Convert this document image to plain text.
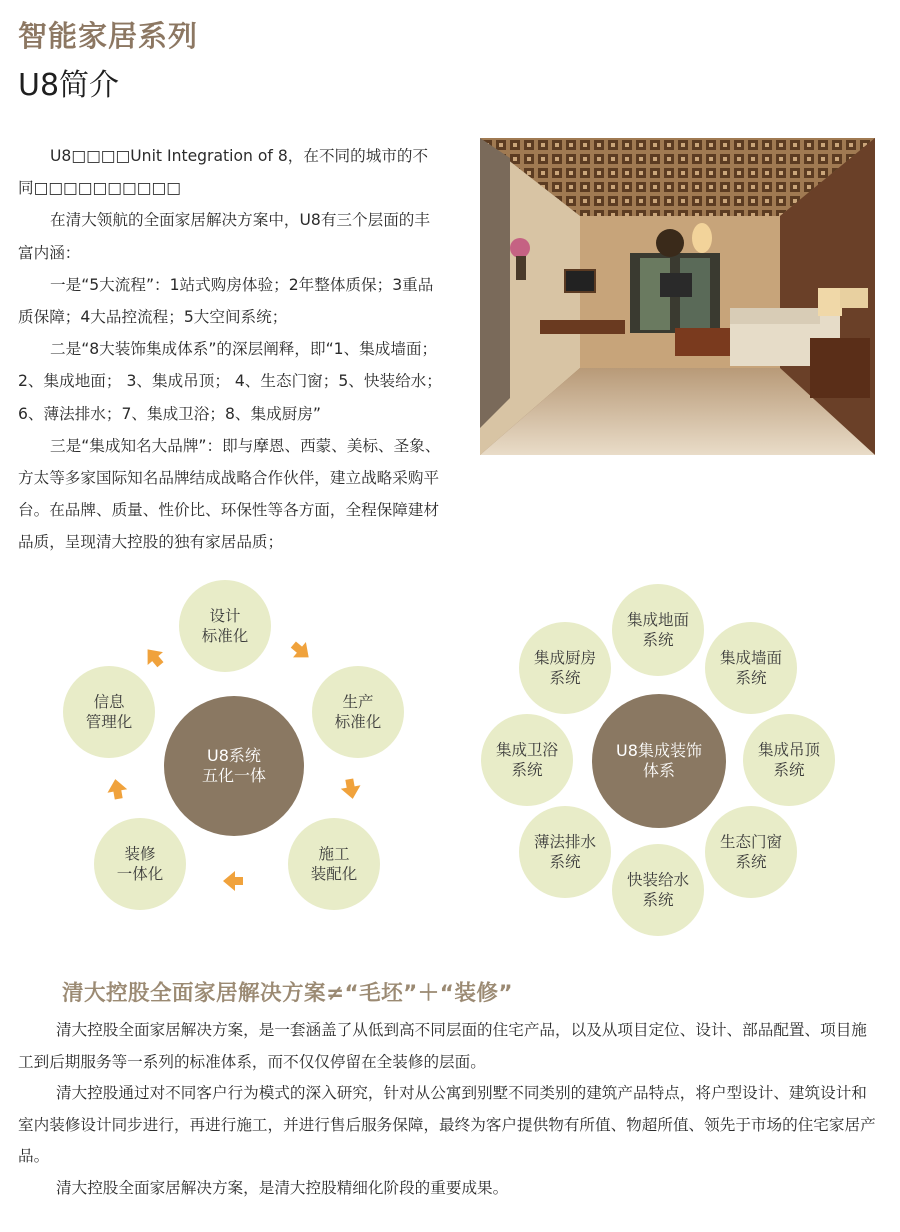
智能家居系列
U8简介

U8□□□□Unit Integration of 8，在不同的城市的不同□□□□□□□□□□

在清大领航的全面家居解决方案中，U8有三个层面的丰富内涵：

一是“5大流程”：1站式购房体验；2年整体质保；3重品质保障；4大品控流程；5大空间系统；

二是“8大装饰集成体系”的深层阐释，即“1、集成墙面； 2、集成地面； 3、集成吊顶； 4、生态门窗；5、快装给水；6、薄法排水；7、集成卫浴；8、集成厨房”

三是“集成知名大品牌”：即与摩恩、西蒙、美标、圣象、方太等多家国际知名品牌结成战略合作伙伴，建立战略采购平台。在品牌、质量、性价比、环保性等各方面，全程保障建材品质，呈现清大控股的独有家居品质；

U8系统
五化一体
设计
标准化
生产
标准化
施工
装配化
装修
一体化
信息
管理化
U8集成装饰
体系
集成地面
系统
集成墙面
系统
集成吊顶
系统
生态门窗
系统
快装给水
系统
薄法排水
系统
集成卫浴
系统
集成厨房
系统
清大控股全面家居解决方案≠“毛坯”＋“装修”

清大控股全面家居解决方案，是一套涵盖了从低到高不同层面的住宅产品，以及从项目定位、设计、部品配置、项目施工到后期服务等一系列的标准体系，而不仅仅停留在全装修的层面。

清大控股通过对不同客户行为模式的深入研究，针对从公寓到别墅不同类别的建筑产品特点，将户型设计、建筑设计和室内装修设计同步进行，再进行施工，并进行售后服务保障，最终为客户提供物有所值、物超所值、领先于市场的住宅家居产品。

清大控股全面家居解决方案，是清大控股精细化阶段的重要成果。
